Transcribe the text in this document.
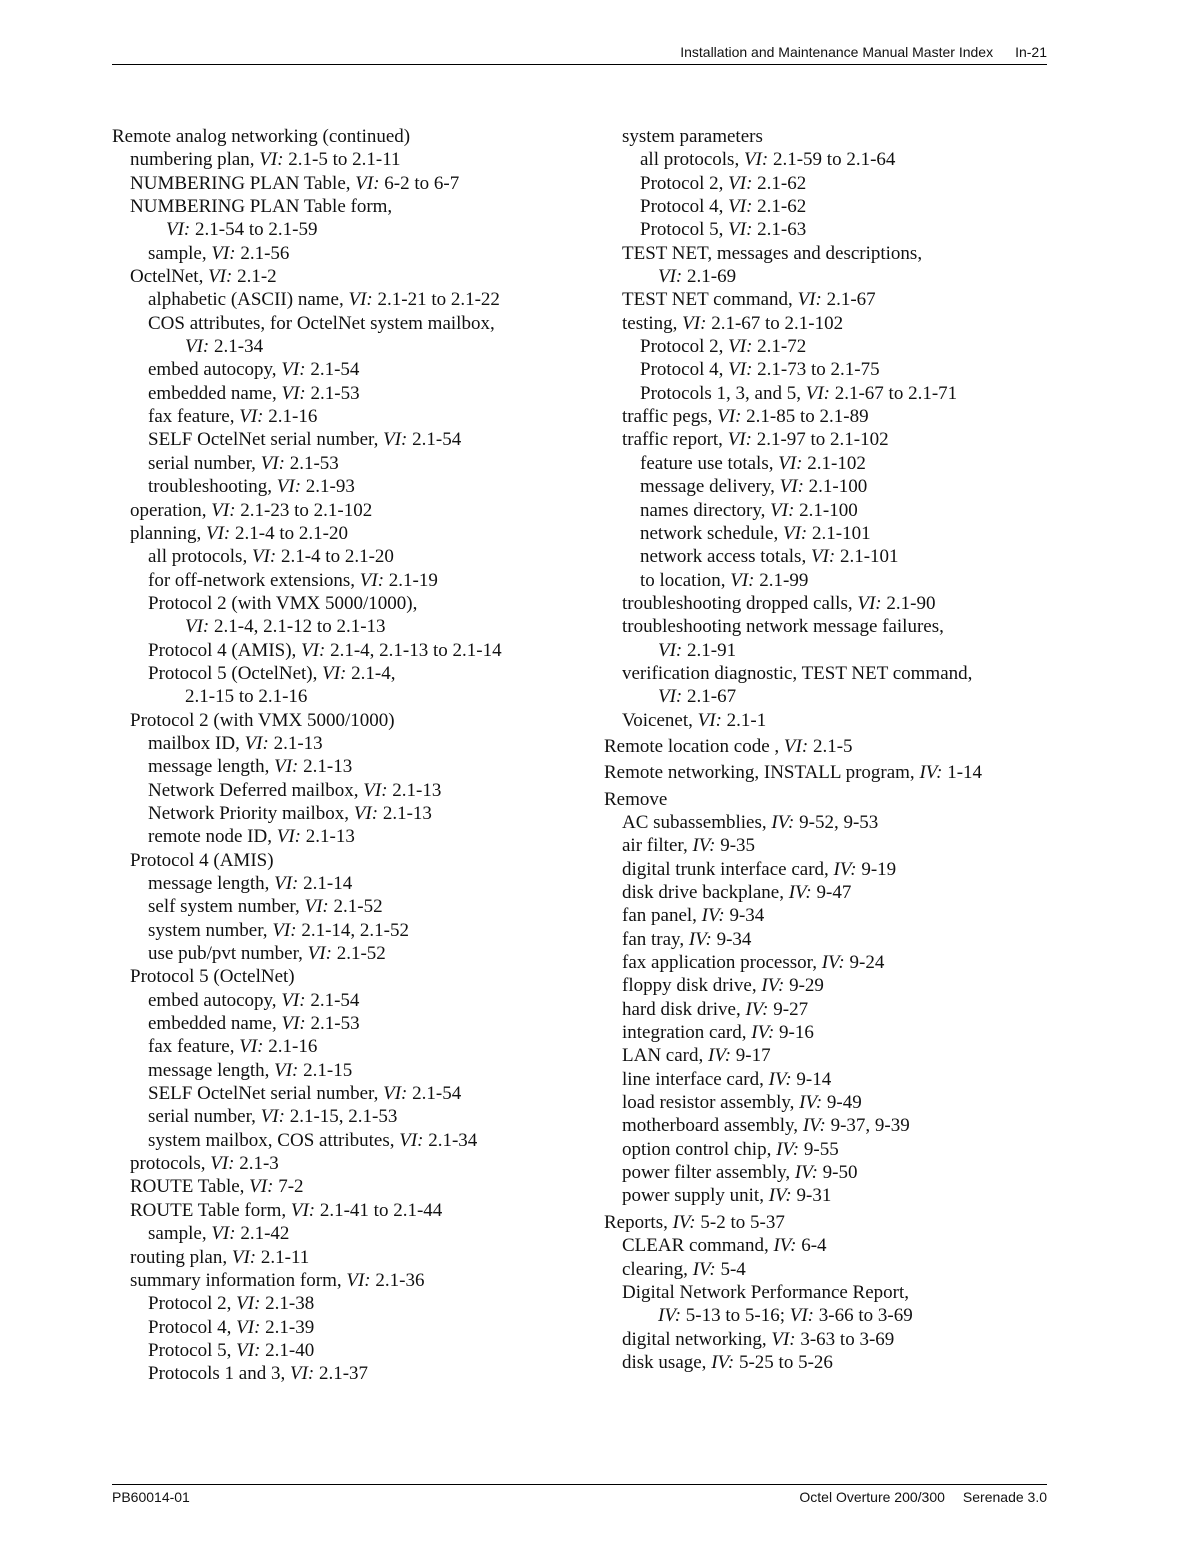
Installation and Maintenance Manual Master Index In-21
Remote analog networking (continued)
numbering plan, VI: 2.1-5 to 2.1-11
NUMBERING PLAN Table, VI: 6-2 to 6-7
NUMBERING PLAN Table form,
VI: 2.1-54 to 2.1-59
sample, VI: 2.1-56
OctelNet, VI: 2.1-2
alphabetic (ASCII) name, VI: 2.1-21 to 2.1-22
COS attributes, for OctelNet system mailbox,
VI: 2.1-34
embed autocopy, VI: 2.1-54
embedded name, VI: 2.1-53
fax feature, VI: 2.1-16
SELF OctelNet serial number, VI: 2.1-54
serial number, VI: 2.1-53
troubleshooting, VI: 2.1-93
operation, VI: 2.1-23 to 2.1-102
planning, VI: 2.1-4 to 2.1-20
all protocols, VI: 2.1-4 to 2.1-20
for off-network extensions, VI: 2.1-19
Protocol 2 (with VMX 5000/1000),
VI: 2.1-4, 2.1-12 to 2.1-13
Protocol 4 (AMIS), VI: 2.1-4, 2.1-13 to 2.1-14
Protocol 5 (OctelNet), VI: 2.1-4,
2.1-15 to 2.1-16
Protocol 2 (with VMX 5000/1000)
mailbox ID, VI: 2.1-13
message length, VI: 2.1-13
Network Deferred mailbox, VI: 2.1-13
Network Priority mailbox, VI: 2.1-13
remote node ID, VI: 2.1-13
Protocol 4 (AMIS)
message length, VI: 2.1-14
self system number, VI: 2.1-52
system number, VI: 2.1-14, 2.1-52
use pub/pvt number, VI: 2.1-52
Protocol 5 (OctelNet)
embed autocopy, VI: 2.1-54
embedded name, VI: 2.1-53
fax feature, VI: 2.1-16
message length, VI: 2.1-15
SELF OctelNet serial number, VI: 2.1-54
serial number, VI: 2.1-15, 2.1-53
system mailbox, COS attributes, VI: 2.1-34
protocols, VI: 2.1-3
ROUTE Table, VI: 7-2
ROUTE Table form, VI: 2.1-41 to 2.1-44
sample, VI: 2.1-42
routing plan, VI: 2.1-11
summary information form, VI: 2.1-36
Protocol 2, VI: 2.1-38
Protocol 4, VI: 2.1-39
Protocol 5, VI: 2.1-40
Protocols 1 and 3, VI: 2.1-37
system parameters
all protocols, VI: 2.1-59 to 2.1-64
Protocol 2, VI: 2.1-62
Protocol 4, VI: 2.1-62
Protocol 5, VI: 2.1-63
TEST NET, messages and descriptions,
VI: 2.1-69
TEST NET command, VI: 2.1-67
testing, VI: 2.1-67 to 2.1-102
Protocol 2, VI: 2.1-72
Protocol 4, VI: 2.1-73 to 2.1-75
Protocols 1, 3, and 5, VI: 2.1-67 to 2.1-71
traffic pegs, VI: 2.1-85 to 2.1-89
traffic report, VI: 2.1-97 to 2.1-102
feature use totals, VI: 2.1-102
message delivery, VI: 2.1-100
names directory, VI: 2.1-100
network schedule, VI: 2.1-101
network access totals, VI: 2.1-101
to location, VI: 2.1-99
troubleshooting dropped calls, VI: 2.1-90
troubleshooting network message failures,
VI: 2.1-91
verification diagnostic, TEST NET command,
VI: 2.1-67
Voicenet, VI: 2.1-1
Remote location code , VI: 2.1-5
Remote networking, INSTALL program, IV: 1-14
Remove
AC subassemblies, IV: 9-52, 9-53
air filter, IV: 9-35
digital trunk interface card, IV: 9-19
disk drive backplane, IV: 9-47
fan panel, IV: 9-34
fan tray, IV: 9-34
fax application processor, IV: 9-24
floppy disk drive, IV: 9-29
hard disk drive, IV: 9-27
integration card, IV: 9-16
LAN card, IV: 9-17
line interface card, IV: 9-14
load resistor assembly, IV: 9-49
motherboard assembly, IV: 9-37, 9-39
option control chip, IV: 9-55
power filter assembly, IV: 9-50
power supply unit, IV: 9-31
Reports, IV: 5-2 to 5-37
CLEAR command, IV: 6-4
clearing, IV: 5-4
Digital Network Performance Report,
IV: 5-13 to 5-16; VI: 3-66 to 3-69
digital networking, VI: 3-63 to 3-69
disk usage, IV: 5-25 to 5-26
PB60014-01	Octel Overture 200/300 Serenade 3.0
